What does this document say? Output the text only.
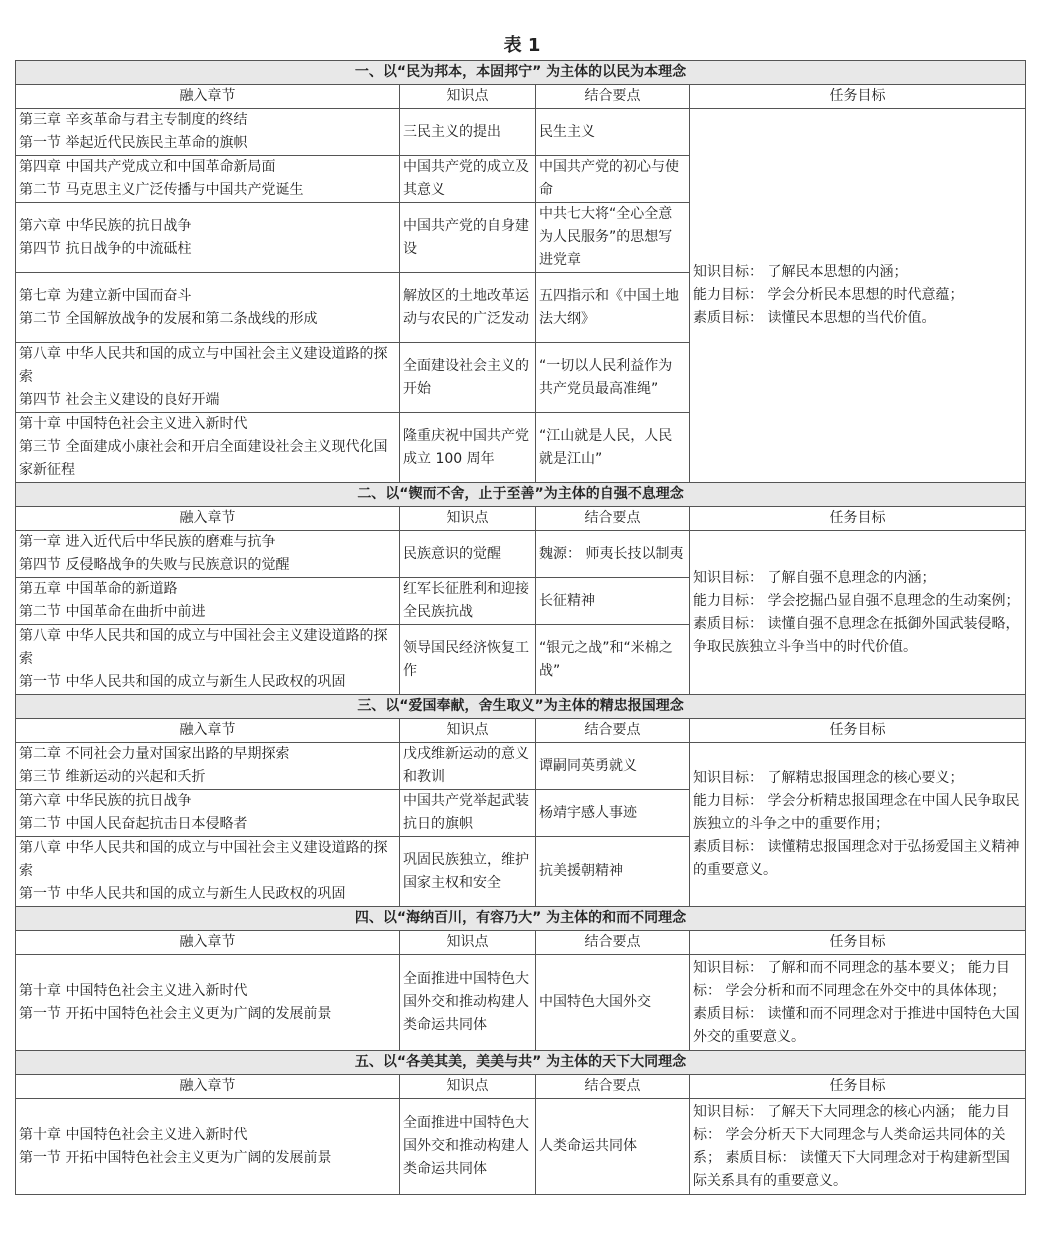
表 1
一、以“民为邦本，本固邦宁” 为主体的以民为本理念			
融入章节	知识点	结合要点	任务目标

第三章 辛亥革命与君主专制度的终结
第一节 举起近代民族民主革命的旗帜	三民主义的提出	民生主义	知识目标： 了解民本思想的内涵；
能力目标： 学会分析民本思想的时代意蕴；
素质目标： 读懂民本思想的当代价值。

第四章 中国共产党成立和中国革命新局面
第二节 马克思主义广泛传播与中国共产党诞生	中国共产党的成立及其意义	中国共产党的初心与使命	

第六章 中华民族的抗日战争
第四节 抗日战争的中流砥柱	中国共产党的自身建设	中共七大将“全心全意为人民服务”的思想写进党章	

第七章 为建立新中国而奋斗
第二节 全国解放战争的发展和第二条战线的形成	解放区的土地改革运动与农民的广泛发动	五四指示和《中国土地法大纲》	

第八章 中华人民共和国的成立与中国社会主义建设道路的探索
第四节 社会主义建设的良好开端	全面建设社会主义的开始	“一切以人民利益作为共产党员最高准绳”	

第十章 中国特色社会主义进入新时代
第三节 全面建成小康社会和开启全面建设社会主义现代化国家新征程	隆重庆祝中国共产党成立 100 周年	“江山就是人民，人民就是江山”	
二、以“锲而不舍，止于至善”为主体的自强不息理念			
融入章节	知识点	结合要点	任务目标

第一章 进入近代后中华民族的磨难与抗争
第四节 反侵略战争的失败与民族意识的觉醒	民族意识的觉醒	魏源： 师夷长技以制夷	知识目标： 了解自强不息理念的内涵；
能力目标： 学会挖掘凸显自强不息理念的生动案例；
素质目标： 读懂自强不息理念在抵御外国武装侵略，争取民族独立斗争当中的时代价值。

第五章 中国革命的新道路
第二节 中国革命在曲折中前进	红军长征胜利和迎接全民族抗战	长征精神	

第八章 中华人民共和国的成立与中国社会主义建设道路的探索
第一节 中华人民共和国的成立与新生人民政权的巩固	领导国民经济恢复工作	“银元之战”和“米棉之战”	
三、以“爱国奉献，舍生取义”为主体的精忠报国理念			
融入章节	知识点	结合要点	任务目标

第二章 不同社会力量对国家出路的早期探索
第三节 维新运动的兴起和夭折	戊戌维新运动的意义和教训	谭嗣同英勇就义	知识目标： 了解精忠报国理念的核心要义；
能力目标： 学会分析精忠报国理念在中国人民争取民族独立的斗争之中的重要作用；
素质目标： 读懂精忠报国理念对于弘扬爱国主义精神的重要意义。

第六章 中华民族的抗日战争
第二节 中国人民奋起抗击日本侵略者	中国共产党举起武装抗日的旗帜	杨靖宇感人事迹	

第八章 中华人民共和国的成立与中国社会主义建设道路的探索
第一节 中华人民共和国的成立与新生人民政权的巩固	巩固民族独立，维护国家主权和安全	抗美援朝精神	
四、以“海纳百川，有容乃大” 为主体的和而不同理念			
融入章节	知识点	结合要点	任务目标

第十章 中国特色社会主义进入新时代
第一节 开拓中国特色社会主义更为广阔的发展前景	全面推进中国特色大国外交和推动构建人类命运共同体	中国特色大国外交	知识目标： 了解和而不同理念的基本要义； 能力目标： 学会分析和而不同理念在外交中的具体体现； 素质目标： 读懂和而不同理念对于推进中国特色大国外交的重要意义。

五、以“各美其美，美美与共” 为主体的天下大同理念			
融入章节	知识点	结合要点	任务目标

第十章 中国特色社会主义进入新时代
第一节 开拓中国特色社会主义更为广阔的发展前景	全面推进中国特色大国外交和推动构建人类命运共同体	人类命运共同体	知识目标： 了解天下大同理念的核心内涵； 能力目标： 学会分析天下大同理念与人类命运共同体的关系； 素质目标： 读懂天下大同理念对于构建新型国际关系具有的重要意义。
